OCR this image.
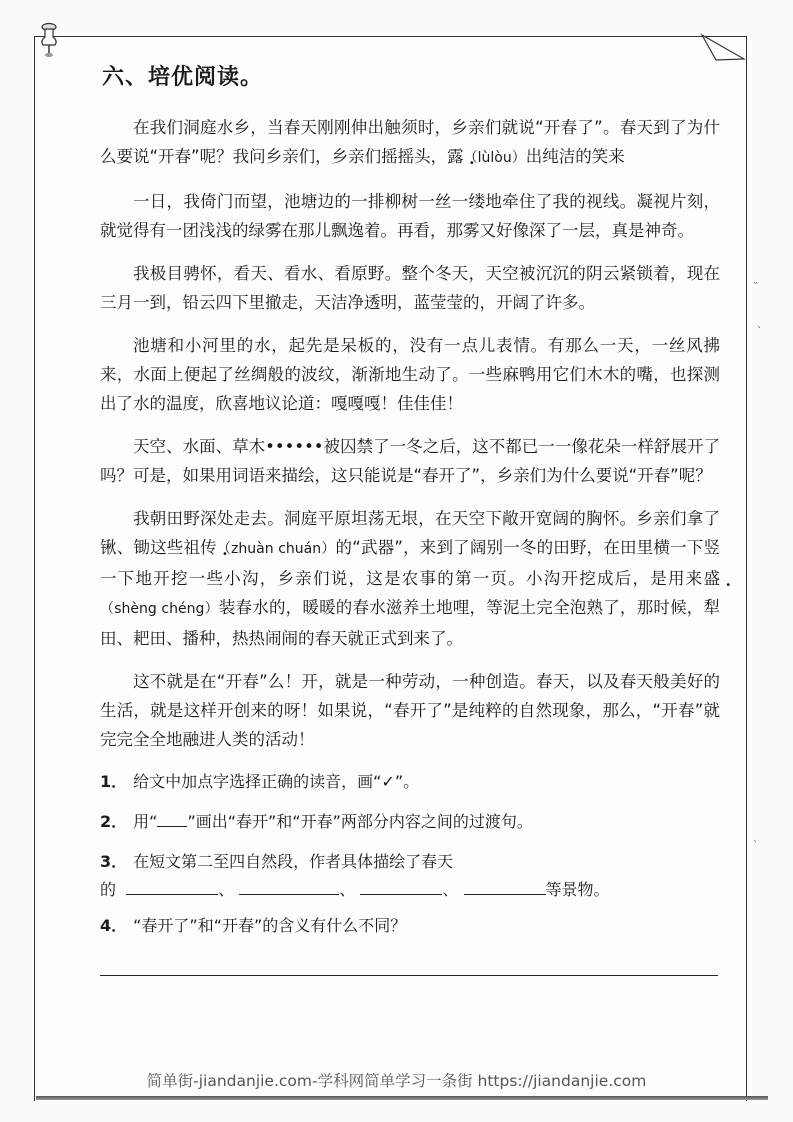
˘
`
`
六、培优阅读。

在我们洞庭水乡，当春天刚刚伸出触须时，乡亲们就说“开春了”。春天到了为什么要说“开春”呢？我问乡亲们，乡亲们摇摇头，露（lùlòu）出纯洁的笑来

一日，我倚门而望，池塘边的一排柳树一丝一缕地牵住了我的视线。凝视片刻，就觉得有一团浅浅的绿雾在那儿飘逸着。再看，那雾又好像深了一层，真是神奇。

我极目骋怀，看天、看水、看原野。整个冬天，天空被沉沉的阴云紧锁着，现在三月一到，铅云四下里撤走，天洁净透明，蓝莹莹的，开阔了许多。

池塘和小河里的水，起先是呆板的，没有一点儿表情。有那么一天，一丝风拂来，水面上便起了丝绸般的波纹，渐渐地生动了。一些麻鸭用它们木木的嘴，也探测出了水的温度，欣喜地议论道：嘎嘎嘎！佳佳佳！

天空、水面、草木••••••被囚禁了一冬之后，这不都已一一像花朵一样舒展开了吗？可是，如果用词语来描绘，这只能说是“春开了”，乡亲们为什么要说“开春”呢？

我朝田野深处走去。洞庭平原坦荡无垠，在天空下敞开宽阔的胸怀。乡亲们拿了锹、锄这些祖传（zhuàn chuán）的“武器”，来到了阔别一冬的田野，在田里横一下竖一下地开挖一些小沟，乡亲们说，这是农事的第一页。小沟开挖成后，是用来盛（shèng chéng）装春水的，暖暖的春水滋养土地哩，等泥土完全泡熟了，那时候，犁田、耙田、播种，热热闹闹的春天就正式到来了。

这不就是在“开春”么！开，就是一种劳动，一种创造。春天，以及春天般美好的生活，就是这样开创来的呀！如果说，“春开了”是纯粹的自然现象，那么，“开春”就完完全全地融进人类的活动！

1． 给文中加点字选择正确的读音，画“✓”。
2． 用“ ”画出“春开”和“开春”两部分内容之间的过渡句。
3． 在短文第二至四自然段，作者具体描绘了春天
的	、	、	、	等景物。
4． “春开了”和“开春”的含义有什么不同？
简单街-jiandanjie.com-学科网简单学习一条街 https://jiandanjie.com
